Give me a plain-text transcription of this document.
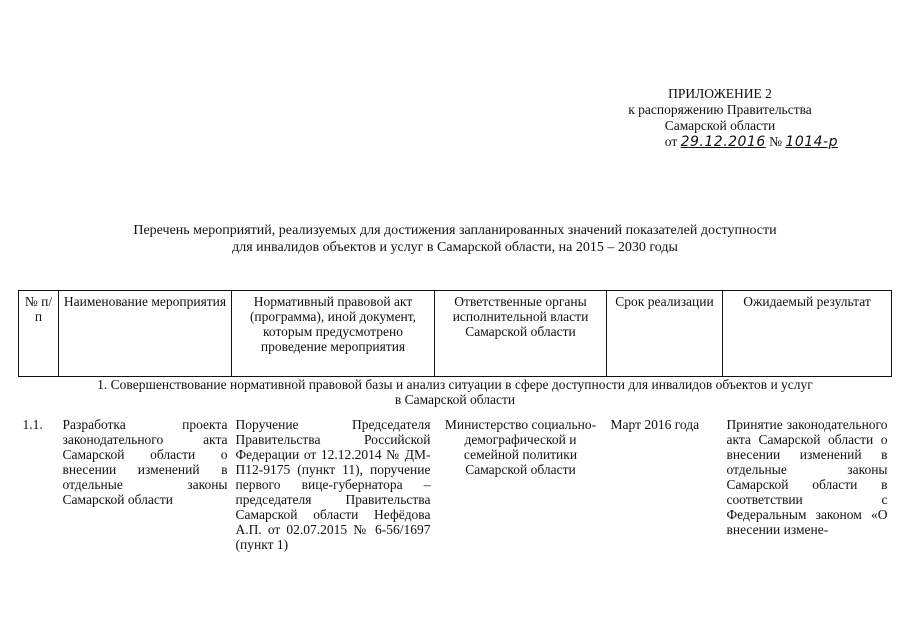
ПРИЛОЖЕНИЕ 2
к распоряжению Правительства
Самарской области
от 29.12.2016 № 1014-р
Перечень мероприятий, реализуемых для достижения запланированных значений показателей доступности
для инвалидов объектов и услуг в Самарской области, на 2015 – 2030 годы
№ п/п	Наименование мероприятия	Нормативный правовой акт (программа), иной документ, которым предусмотрено проведение мероприятия	Ответственные органы исполнительной власти Самарской области	Срок реализации	Ожидаемый результат
1. Совершенствование нормативной правовой базы и анализ ситуации в сфере доступности для инвалидов объектов и услуг
в Самарской области					
1.1.	Разработка проекта законодательного акта Самарской области о внесении изменений в отдельные законы Самарской области	Поручение Председателя Правительства Российской Федерации от 12.12.2014 № ДМ-П12-9175 (пункт 11), поручение первого вице-губернатора – председателя Правительства Самарской области Нефёдова А.П. от 02.07.2015 № 6-56/1697 (пункт 1)	Министерство социально-демографической и семейной политики Самарской области	Март 2016 года	Принятие законодательного акта Самарской области о внесении изменений в отдельные законы Самарской области в соответствии с Федеральным законом «О внесении измене-
